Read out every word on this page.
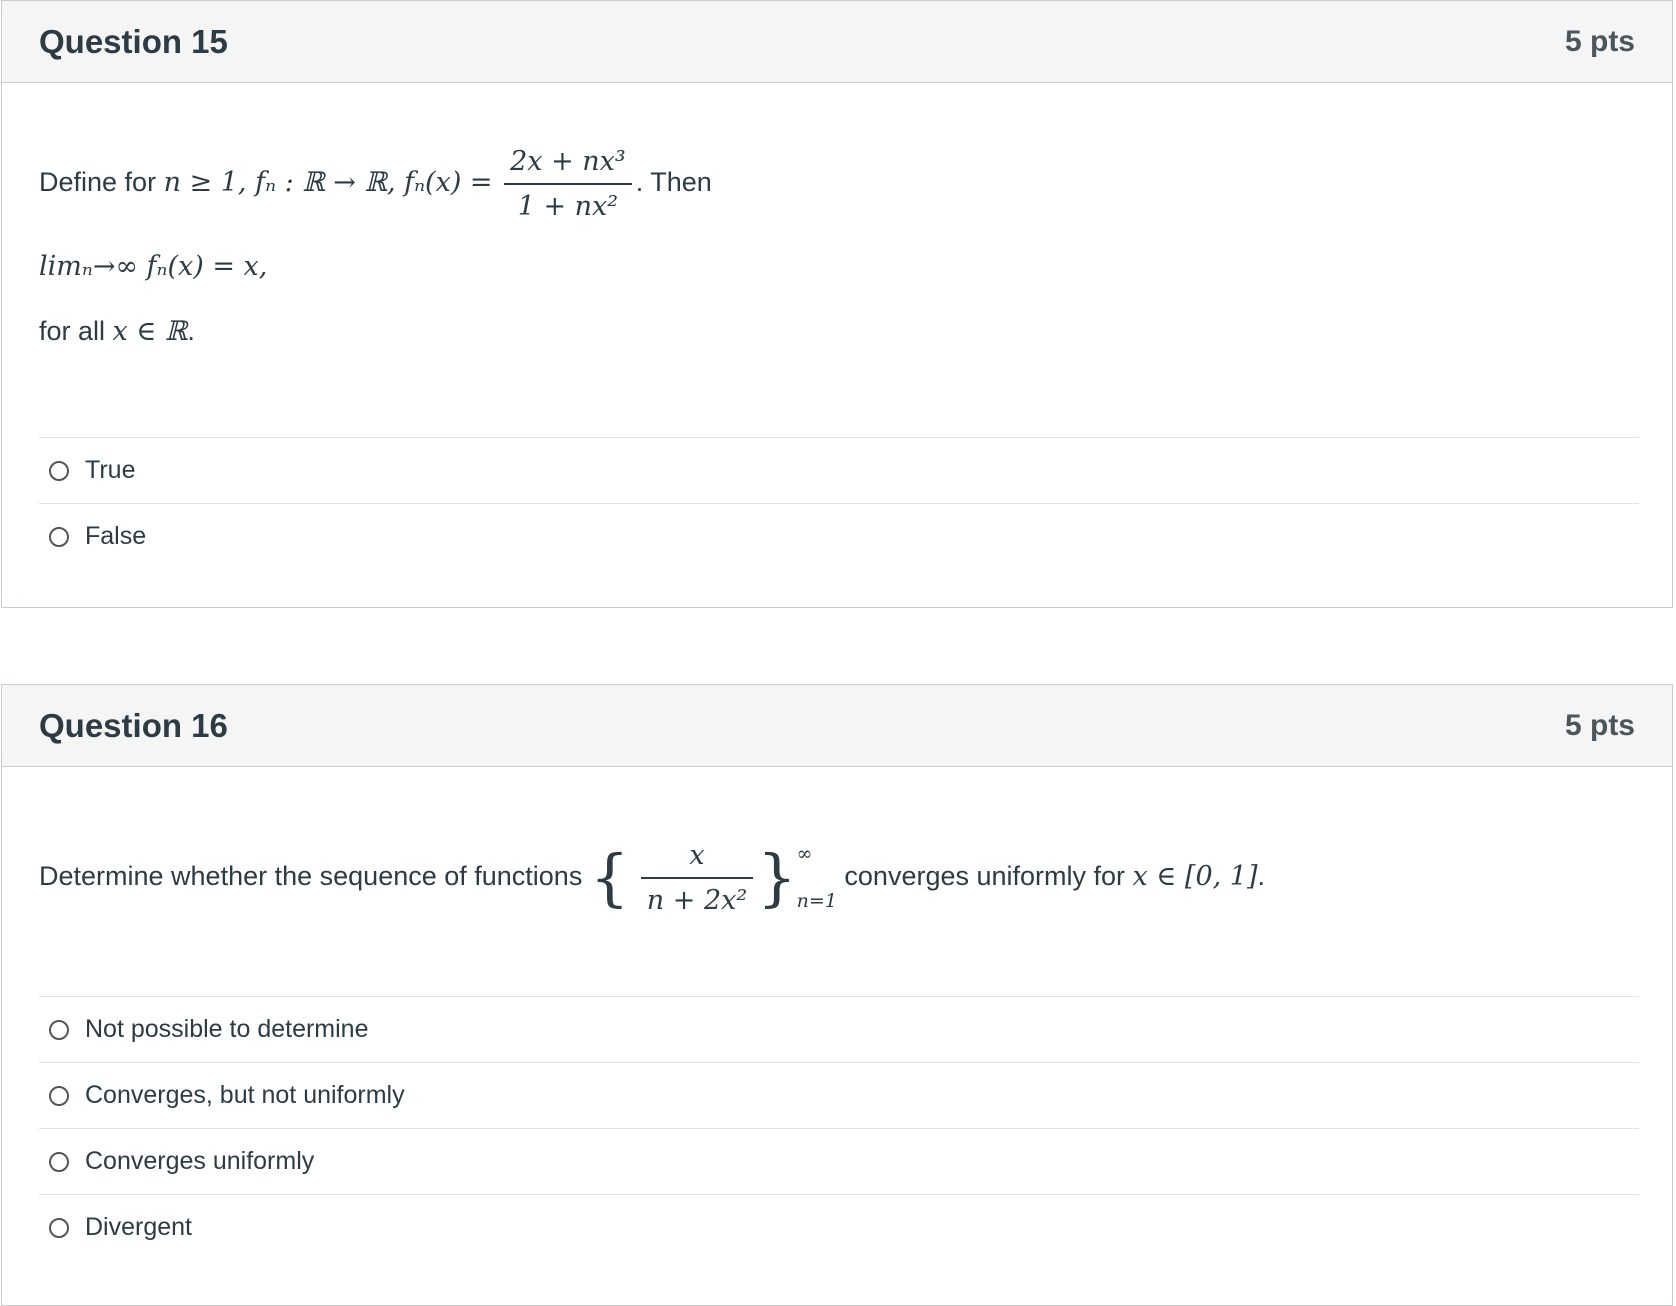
Question 15	5 pts
Define for n ≥ 1, fₙ : ℝ → ℝ, $f_n(x) = \frac{\text{2x + nx³}}{\text{1 + nx²}}$ . Then
limₙ→∞ fₙ(x) = x,
for all x ∈ ℝ.
True
False
Question 16	5 pts
Determine whether the sequence of functions { $\frac{x}{\text{n + 2x²}}$ } ∞
n=1
converges uniformly for x ∈ [0, 1].
Not possible to determine
Converges, but not uniformly
Converges uniformly
Divergent
